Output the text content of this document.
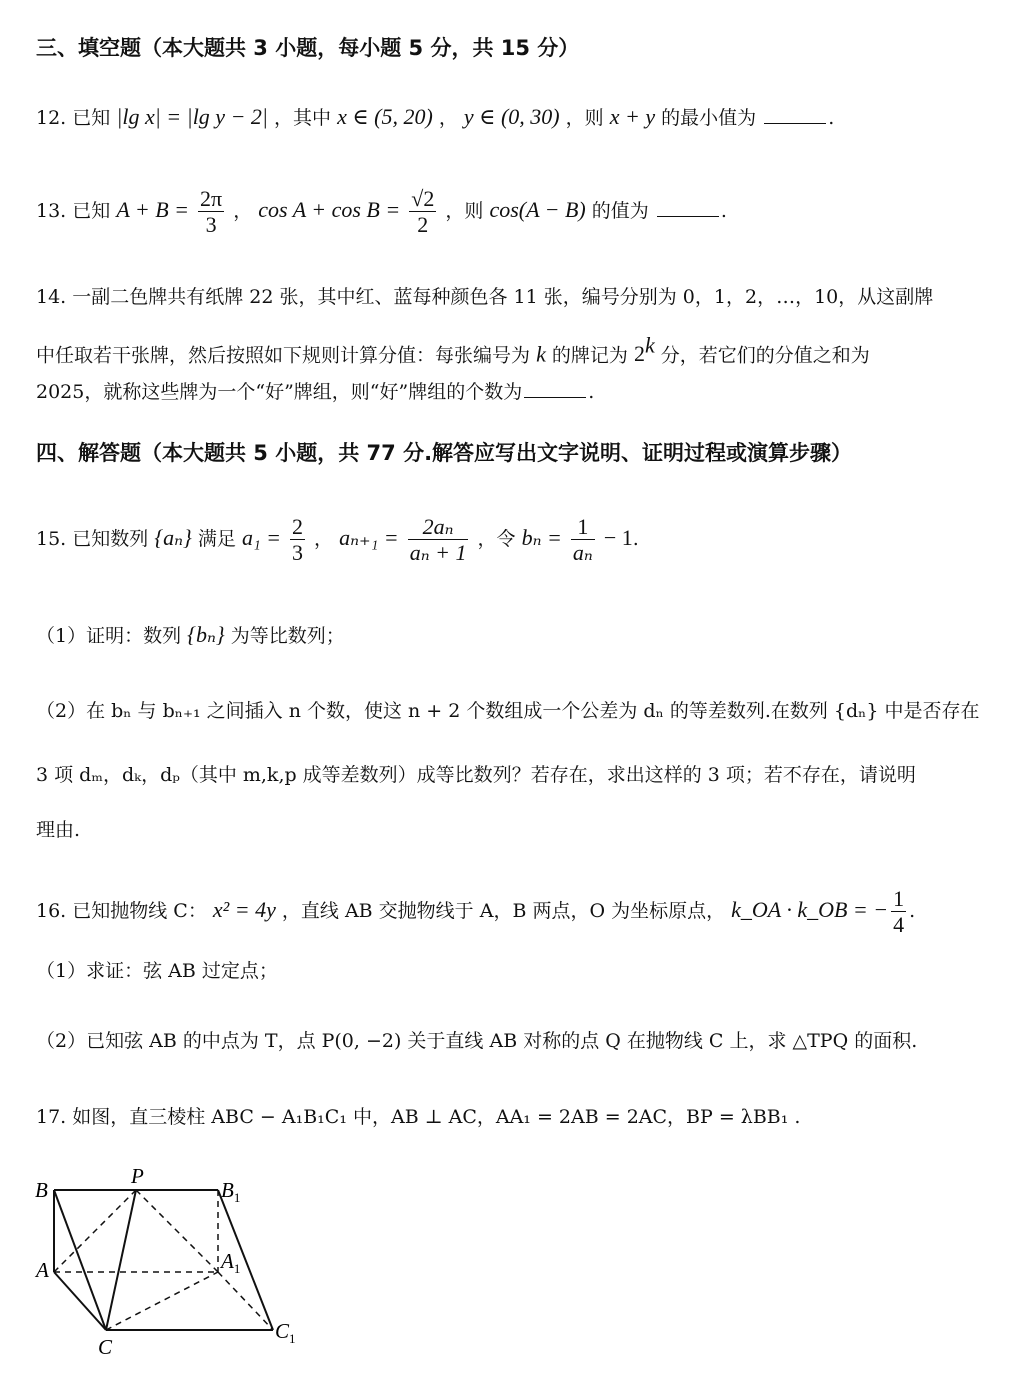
三、填空题（本大题共 3 小题，每小题 5 分，共 15 分）
12. 已知 |lg x| = |lg y − 2| ，其中 x ∈ (5, 20) ， y ∈ (0, 30) ，则 x + y 的最小值为	.
13. 已知 $A + B = \frac{2\pi}{3}$ ， $\cos A + \cos B = \frac{√2}{2}$ ，则 cos(A − B) 的值为	.
14. 一副二色牌共有纸牌 22 张，其中红、蓝每种颜色各 11 张，编号分别为 0，1，2，…，10，从这副牌
中任取若干张牌，然后按照如下规则计算分值：每张编号为 k 的牌记为 2$^k$ 分，若它们的分值之和为
2025，就称这些牌为一个“好”牌组，则“好”牌组的个数为	.
四、解答题（本大题共 5 小题，共 77 分.解答应写出文字说明、证明过程或演算步骤）
15. 已知数列 {aₙ} 满足 $a_1 = \frac{2}{3}$ ， $a_{n+1} = \frac{\text{2aₙ}}{\text{aₙ + 1}}$ ，令 $b_n = \frac{1}{\text{aₙ}} - 1$.
（1）证明：数列 {bₙ} 为等比数列；
（2）在 bₙ 与 bₙ₊₁ 之间插入 n 个数，使这 n + 2 个数组成一个公差为 dₙ 的等差数列.在数列 {dₙ} 中是否存在
3 项 dₘ，dₖ，dₚ（其中 m,k,p 成等差数列）成等比数列？若存在，求出这样的 3 项；若不存在，请说明
理由.
16. 已知抛物线 C： x² = 4y ，直线 AB 交抛物线于 A，B 两点，O 为坐标原点， k_OA · k_OB = − $\frac{1}{4}$ .
（1）求证：弦 AB 过定点；
（2）已知弦 AB 的中点为 T，点 P(0, −2) 关于直线 AB 对称的点 Q 在抛物线 C 上，求 △TPQ 的面积.
17. 如图，直三棱柱 ABC − A₁B₁C₁ 中，AB ⊥ AC，AA₁ = 2AB = 2AC，BP = λBB₁ .
B
P
$B_1$
A	$A_1$
C
$C_1$
